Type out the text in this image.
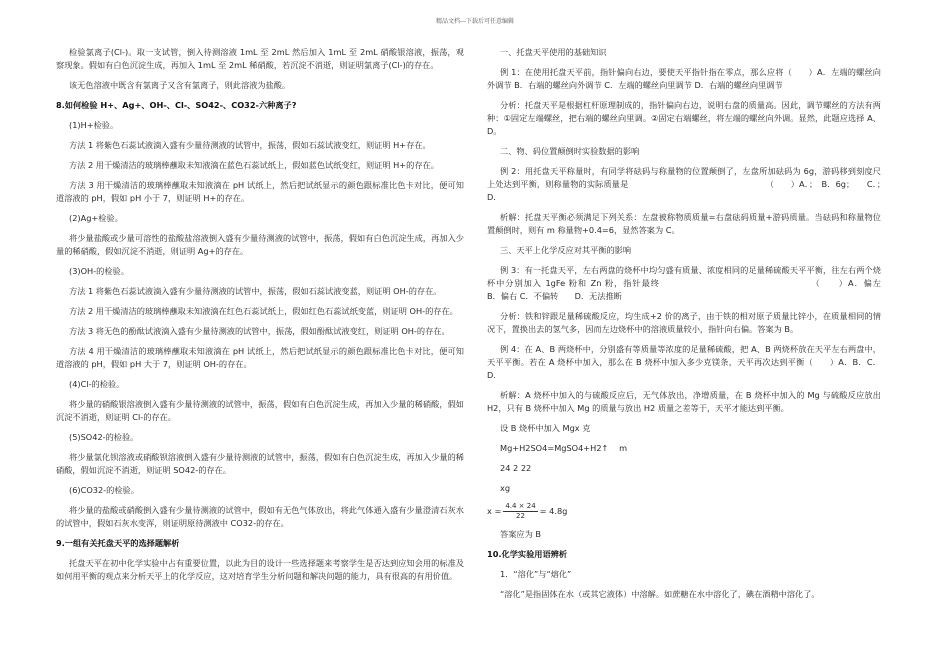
精品文档---下载后可任意编辑

检验氯离子(Cl-)。取一支试管，倒入待测溶液 1mL 至 2mL 然后加入 1mL 至 2mL 硝酸银溶液，振荡，观察现象。假如有白色沉淀生成，再加入 1mL 至 2mL 稀硝酸，若沉淀不消逝，则证明氯离子(Cl-)的存在。

该无色溶液中既含有氯离子又含有氯离子，则此溶液为盐酸。

8.如何检验 H+、Ag+、OH-、Cl-、SO42-、CO32-六种离子?

(1)H+检验。

方法 1 将紫色石蕊试液滴入盛有少量待测液的试管中，振荡，假如石蕊试液变红，则证明 H+存在。

方法 2 用干燥清洁的玻璃棒蘸取未知液滴在蓝色石蕊试纸上，假如蓝色试纸变红，则证明 H+的存在。

方法 3 用干燥清洁的玻璃棒蘸取未知液滴在 pH 试纸上，然后把试纸显示的颜色跟标准比色卡对比，便可知道溶液的 pH，假如 pH 小于 7，则证明 H+的存在。

(2)Ag+检验。

将少量盐酸或少量可溶性的盐酸盐溶液倒入盛有少量待测液的试管中，振荡，假如有白色沉淀生成，再加入少量的稀硝酸，假如沉淀不消逝，则证明 Ag+的存在。

(3)OH-的检验。

方法 1 将紫色石蕊试液滴入盛有少量待测液的试管中，振荡，假如石蕊试液变蓝，则证明 OH-的存在。

方法 2 用干燥清洁的玻璃棒蘸取未知液滴在红色石蕊试纸上，假如红色石蕊试纸变蓝，则证明 OH-的存在。

方法 3 将无色的酚酞试液滴入盛有少量待测液的试管中，振荡，假如酚酞试液变红，则证明 OH-的存在。

方法 4 用干燥清洁的玻璃棒蘸取未知液滴在 pH 试纸上，然后把试纸显示的颜色跟标准比色卡对比，便可知道溶液的 pH，假如 pH 大于 7，则证明 OH-的存在。

(4)Cl-的检验。

将少量的硝酸银溶液倒入盛有少量待测液的试管中，振荡，假如有白色沉淀生成，再加入少量的稀硝酸，假如沉淀不消逝，则证明 Cl-的存在。

(5)SO42-的检验。

将少量氯化钡溶液或硝酸钡溶液倒入盛有少量待测液的试管中，振荡，假如有白色沉淀生成，再加入少量的稀硝酸，假如沉淀不消逝，则证明 SO42-的存在。

(6)CO32-的检验。

将少量的盐酸或硝酸倒入盛有少量待测液的试管中，假如有无色气体放出，将此气体通入盛有少量澄清石灰水的试管中，假如石灰水变浑，则证明原待测液中 CO32-的存在。

9.一组有关托盘天平的选择题解析

托盘天平在初中化学实验中占有重要位置，以此为目的设计一些选择题来考察学生是否达到应知会用的标准及如何用平衡的观点来分析天平上的化学反应，这对培育学生分析问题和解决问题的能力，具有很高的有用价值。

一、托盘天平使用的基础知识

例 1：在使用托盘天平前，指针偏向右边，要使天平指针指在零点，那么应将（　　）A．左端的螺丝向外调节 B．右端的螺丝向外调节 C．左端的螺丝向里调节 D．右端的螺丝向里调节

分析：托盘天平是根据杠杆原理制成的，指针偏向右边，说明右盘的质量高。因此，调节螺丝的方法有两种：①固定左端螺丝，把右端的螺丝向里调。②固定右端螺丝，将左端的螺丝向外调。显然，此题应选择 A、D。

二、物、码位置颠倒时实验数据的影响

例 2：用托盘天平称量时，有同学将砝码与称量物的位置颠倒了，左盘所加砝码为 6g，游码移到刻度尺上处达到平衡，则称量物的实际质量是　　　　　　　　　　　　　　　　　（　　）A．；　B．6g；　　C．；　　D．

析解：托盘天平衡必须满足下列关系：左盘被称物质质量=右盘砝码质量+游码质量。当砝码和称量物位置颠倒时，则有 m 称量物+0.4=6，显然答案为 C。

三、天平上化学反应对其平衡的影响

例 3：有一托盘天平，左右两盘的烧杯中均匀盛有质量、浓度相同的足量稀硫酸天平平衡，往左右两个烧杯中分别加入 1gFe 粉和 Zn 粉，指针最终　　　　　　　　　　　　　　　　　（　　）A．偏左　　　　B．偏右 C．不偏转　　D．无法推断

分析：铁和锌跟足量稀硫酸反应，均生成+2 价的离子，由于铁的相对原子质量比锌小，在质量相同的情况下，置换出去的氢气多，因而左边烧杯中的溶液质量较小，指针向右偏。答案为 B。

例 4：在 A、B 两烧杯中，分别盛有等质量等浓度的足量稀硫酸，把 A、B 两烧杯放在天平左右两盘中，天平平衡。若在 A 烧杯中加入，那么在 B 烧杯中加入多少克镁条，天平再次达到平衡（　　）A．B．C．D．

析解：A 烧杯中加入的与硫酸反应后，无气体放出，净增质量，在 B 烧杯中加入的 Mg 与硫酸反应放出 H2，只有 B 烧杯中加入 Mg 的质量与放出 H2 质量之差等于，天平才能达到平衡。

设 B 烧杯中加入 Mgx 克

Mg+H2SO4=MgSO4+H2↑　 m

24 2 22

xg

$x = \frac{4.4 \times 24}{22} = 4.8g$

答案应为 B

10.化学实验用语辨析

1．“溶化”与“熔化”

“溶化”是指固体在水（或其它液体）中溶解。如蔗糖在水中溶化了，碘在酒精中溶化了。
